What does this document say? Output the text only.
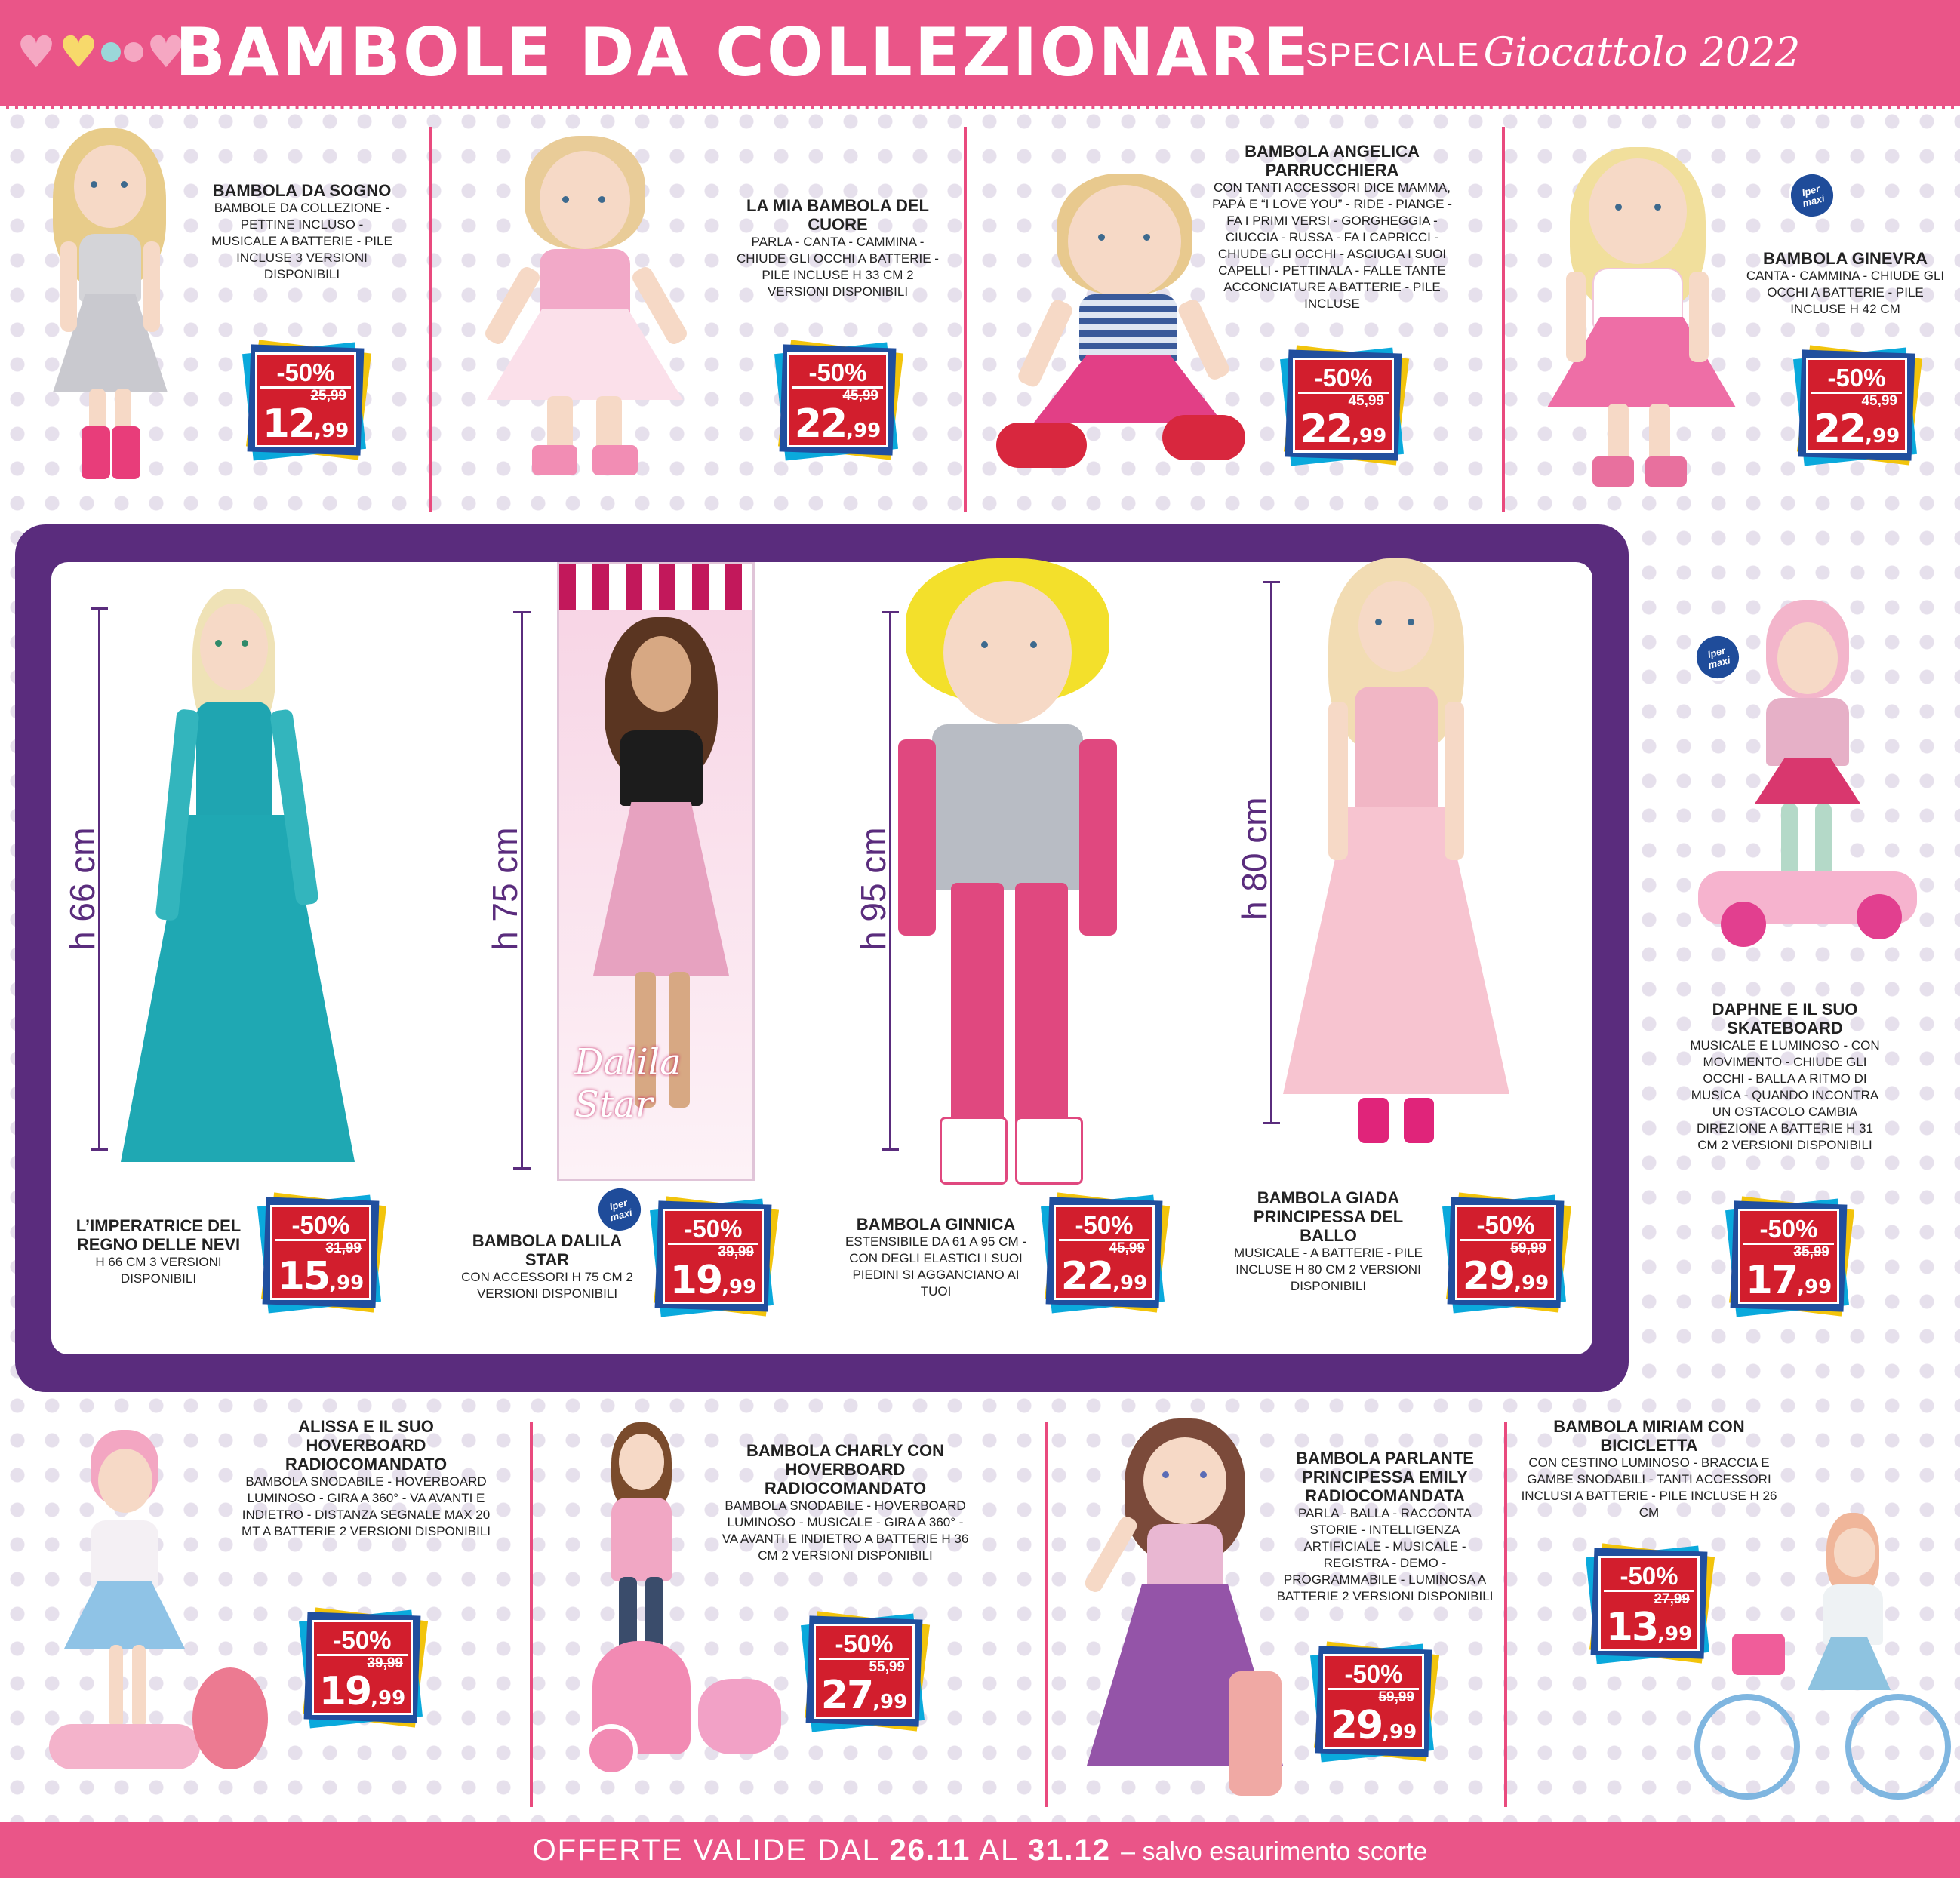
♥ ♥ ♥
BAMBOLE DA COLLEZIONARE
SPECIALE Giocattolo 2022
BAMBOLA DA SOGNO
BAMBOLE DA COLLEZIONE - PETTINE INCLUSO - MUSICALE A BATTERIE - PILE INCLUSE 3 VERSIONI DISPONIBILI
-50%
25,99
12,99
LA MIA BAMBOLA DEL CUORE
PARLA - CANTA - CAMMINA - CHIUDE GLI OCCHI A BATTERIE - PILE INCLUSE H 33 CM 2 VERSIONI DISPONIBILI
-50%
45,99
22,99
BAMBOLA ANGELICA PARRUCCHIERA
CON TANTI ACCESSORI DICE MAMMA, PAPÀ E “I LOVE YOU” - RIDE - PIANGE - FA I PRIMI VERSI - GORGHEGGIA - CIUCCIA - RUSSA - FA I CAPRICCI - CHIUDE GLI OCCHI - ASCIUGA I SUOI CAPELLI - PETTINALA - FALLE TANTE ACCONCIATURE A BATTERIE - PILE INCLUSE
-50%
45,99
22,99
Iper maxi
BAMBOLA GINEVRA
CANTA - CAMMINA - CHIUDE GLI OCCHI A BATTERIE - PILE INCLUSE H 42 CM
-50%
45,99
22,99
h 66 cm
L’IMPERATRICE DEL REGNO DELLE NEVI
H 66 CM 3 VERSIONI DISPONIBILI
-50%
31,99
15,99
h 75 cm
Dalila Star
Iper maxi
BAMBOLA DALILA STAR
CON ACCESSORI H 75 CM 2 VERSIONI DISPONIBILI
-50%
39,99
19,99
h 95 cm
BAMBOLA GINNICA
ESTENSIBILE DA 61 A 95 CM - CON DEGLI ELASTICI I SUOI PIEDINI SI AGGANCIANO AI TUOI
-50%
45,99
22,99
h 80 cm
BAMBOLA GIADA PRINCIPESSA DEL BALLO
MUSICALE - A BATTERIE - PILE INCLUSE H 80 CM 2 VERSIONI DISPONIBILI
-50%
59,99
29,99
Iper maxi
DAPHNE E IL SUO SKATEBOARD
MUSICALE E LUMINOSO - CON MOVIMENTO - CHIUDE GLI OCCHI - BALLA A RITMO DI MUSICA - QUANDO INCONTRA UN OSTACOLO CAMBIA DIREZIONE A BATTERIE H 31 CM 2 VERSIONI DISPONIBILI
-50%
35,99
17,99
ALISSA E IL SUO HOVERBOARD RADIOCOMANDATO
BAMBOLA SNODABILE - HOVERBOARD LUMINOSO - GIRA A 360° - VA AVANTI E INDIETRO - DISTANZA SEGNALE MAX 20 MT A BATTERIE 2 VERSIONI DISPONIBILI
-50%
39,99
19,99
BAMBOLA CHARLY CON HOVERBOARD RADIOCOMANDATO
BAMBOLA SNODABILE - HOVERBOARD LUMINOSO - MUSICALE - GIRA A 360° - VA AVANTI E INDIETRO A BATTERIE H 36 CM 2 VERSIONI DISPONIBILI
-50%
55,99
27,99
BAMBOLA PARLANTE PRINCIPESSA EMILY RADIOCOMANDATA
PARLA - BALLA - RACCONTA STORIE - INTELLIGENZA ARTIFICIALE - MUSICALE - REGISTRA - DEMO - PROGRAMMABILE - LUMINOSA A BATTERIE 2 VERSIONI DISPONIBILI
-50%
59,99
29,99
BAMBOLA MIRIAM CON BICICLETTA
CON CESTINO LUMINOSO - BRACCIA E GAMBE SNODABILI - TANTI ACCESSORI INCLUSI A BATTERIE - PILE INCLUSE H 26 CM
-50%
27,99
13,99
OFFERTE VALIDE DAL 26.11 AL 31.12 – salvo esaurimento scorte
